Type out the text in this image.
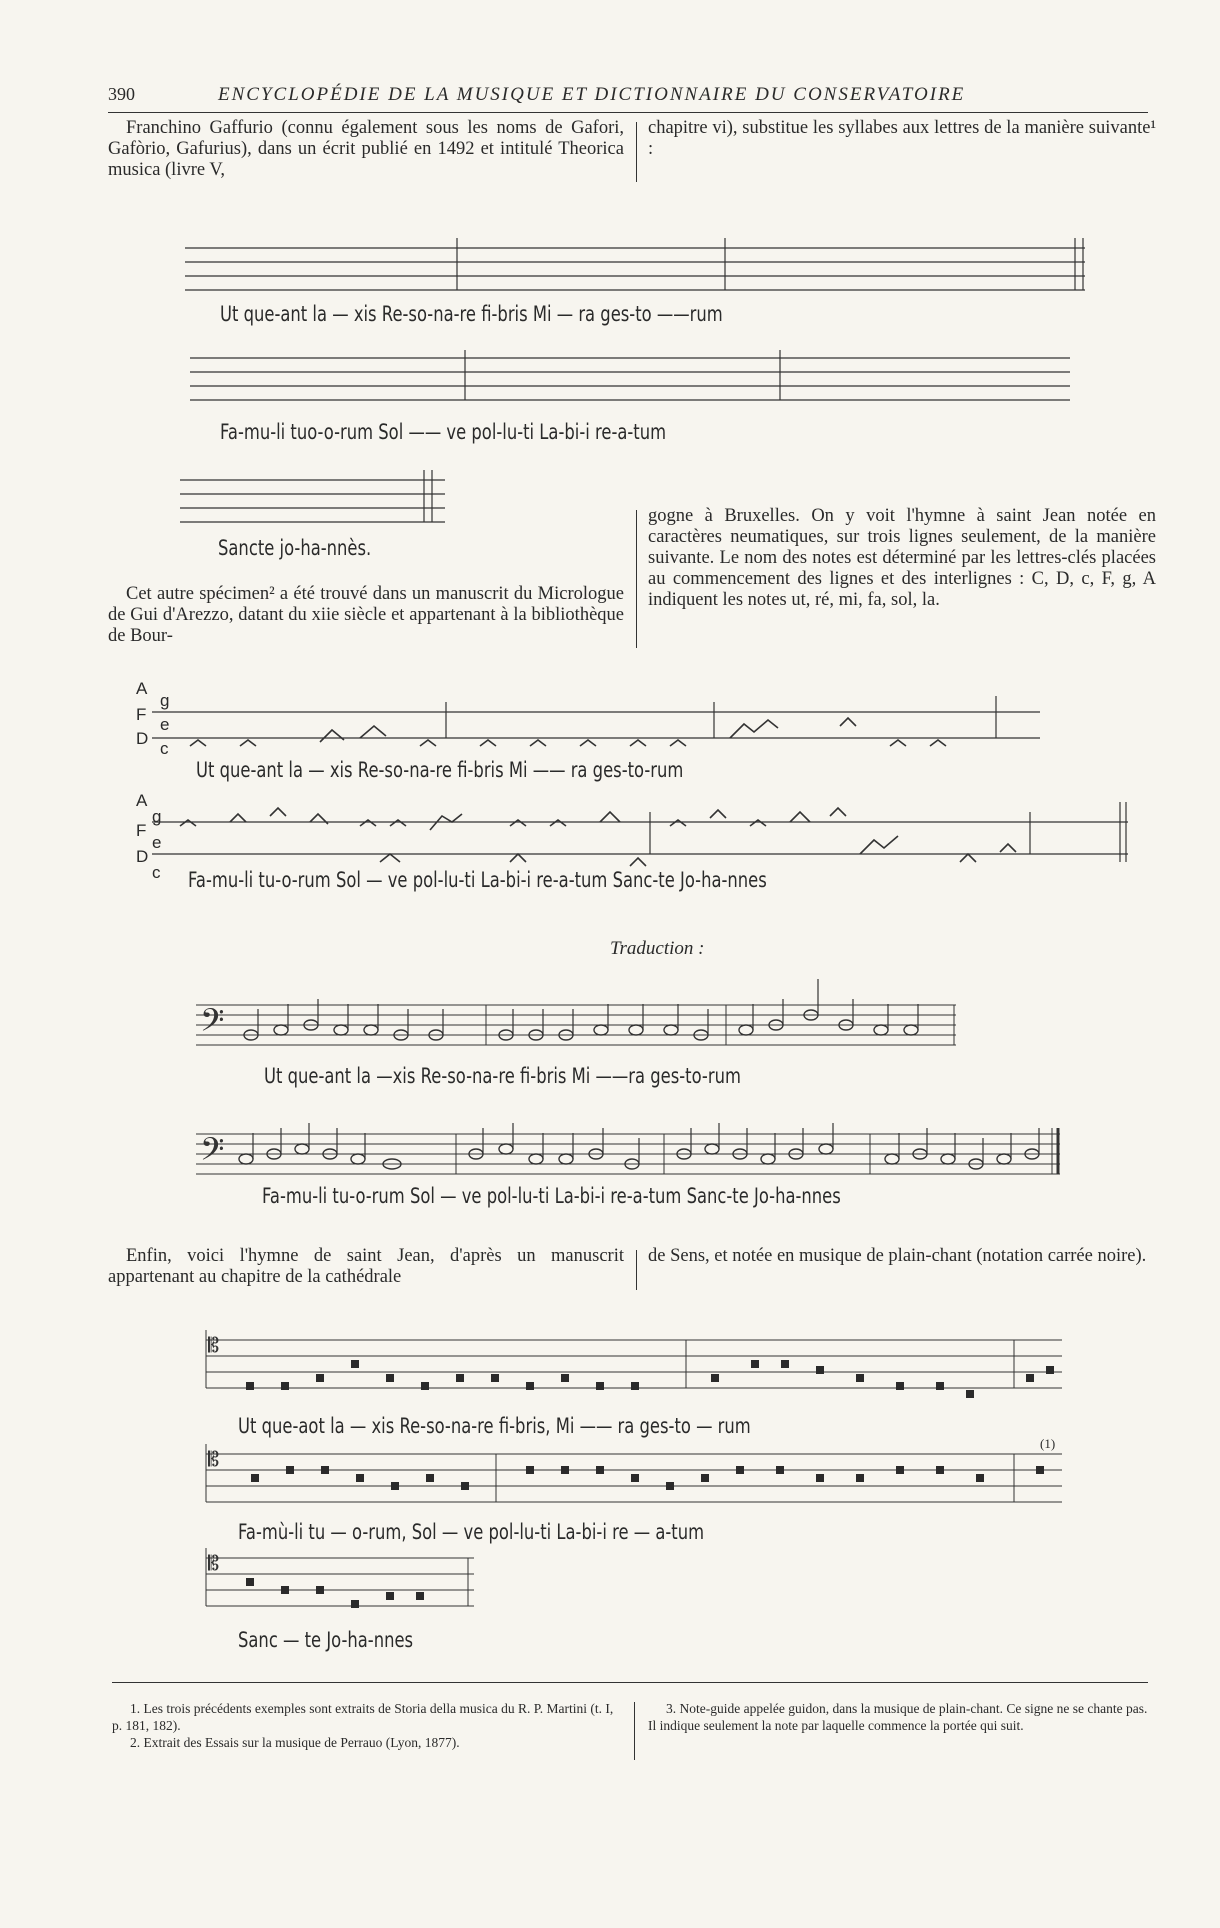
390	ENCYCLOPÉDIE DE LA MUSIQUE ET DICTIONNAIRE DU CONSERVATOIRE

Franchino Gaffurio (connu également sous les noms de Gafori, Gafòrio, Gafurius), dans un écrit publié en 1492 et intitulé Theorica musica (livre V,

chapitre vi), substitue les syllabes aux lettres de la manière suivante¹ :

Ut que-ant la — xis Re-so-na-re fi-bris Mi — ra ges-to ——rum
Fa-mu-li tuo-o-rum Sol —— ve pol-lu-ti La-bi-i re-a-tum
Sancte jo-ha-nnès.

Cet autre spécimen² a été trouvé dans un manuscrit du Micrologue de Gui d'Arezzo, datant du xiie siècle et appartenant à la bibliothèque de Bour-

gogne à Bruxelles. On y voit l'hymne à saint Jean notée en caractères neumatiques, sur trois lignes seulement, de la manière suivante. Le nom des notes est déterminé par les lettres-clés placées au commencement des lignes et des interlignes : C, D, c, F, g, A indiquent les notes ut, ré, mi, fa, sol, la.

A
g
F
e
D
c
Ut que-ant la — xis Re-so-na-re fi-bris Mi —— ra ges-to-rum
A
g
F
e
D
c Fa-mu-li tu-o-rum Sol — ve pol-lu-ti La-bi-i re-a-tum Sanc-te Jo-ha-nnes
Traduction :
𝄢
Ut que-ant la —xis Re-so-na-re fi-bris Mi ——ra ges-to-rum
𝄢
Fa-mu-li tu-o-rum Sol — ve pol-lu-ti La-bi-i re-a-tum Sanc-te Jo-ha-nnes

Enfin, voici l'hymne de saint Jean, d'après un manuscrit appartenant au chapitre de la cathédrale

de Sens, et notée en musique de plain-chant (notation carrée noire).

𝄡
Ut que-aot la — xis Re-so-na-re fi-bris, Mi —— ra ges-to — rum
(1)
𝄡
Fa-mù-li tu — o-rum, Sol — ve pol-lu-ti La-bi-i re — a-tum
𝄡
Sanc — te Jo-ha-nnes

1. Les trois précédents exemples sont extraits de Storia della musica du R. P. Martini (t. I, p. 181, 182).

2. Extrait des Essais sur la musique de Perrauo (Lyon, 1877).

3. Note-guide appelée guidon, dans la musique de plain-chant. Ce signe ne se chante pas. Il indique seulement la note par laquelle commence la portée qui suit.
